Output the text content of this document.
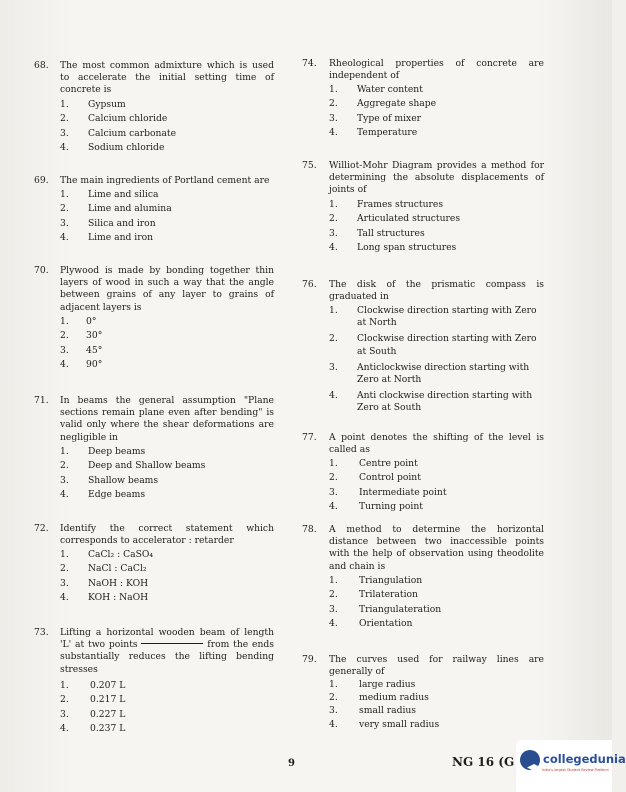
68.	The most common admixture which is used to accelerate the initial setting time of concrete is
1. Gypsum
2. Calcium chloride
3. Calcium carbonate
4. Sodium chloride
69.	The main ingredients of Portland cement are
1. Lime and silica
2. Lime and alumina
3. Silica and iron
4. Lime and iron
70.	Plywood is made by bonding together thin layers of wood in such a way that the angle between grains of any layer to grains of adjacent layers is
1. 0°
2. 30°
3. 45°
4. 90°
71.	In beams the general assumption "Plane sections remain plane even after bending" is valid only where the shear deformations are negligible in
1. Deep beams
2. Deep and Shallow beams
3. Shallow beams
4. Edge beams
72.	Identify the correct statement which corresponds to accelerator : retarder
1. CaCl₂ : CaSO₄
2. NaCl : CaCl₂
3. NaOH : KOH
4. KOH : NaOH
73.	Lifting a horizontal wooden beam of length 'L' at two points	from the ends substantially reduces the lifting bending stresses
1. 0.207 L
2. 0.217 L
3. 0.227 L
4. 0.237 L
74.	Rheological properties of concrete are independent of
1. Water content
2. Aggregate shape
3. Type of mixer
4. Temperature
75.	Williot-Mohr Diagram provides a method for determining the absolute displacements of joints of
1. Frames structures
2. Articulated structures
3. Tall structures
4. Long span structures
76.	The disk of the prismatic compass is graduated in
1. Clockwise direction starting with Zero at North
2. Clockwise direction starting with Zero at South
3. Anticlockwise direction starting with Zero at North
4. Anti clockwise direction starting with Zero at South
77.	A point denotes the shifting of the level is called as
1. Centre point
2. Control point
3. Intermediate point
4. Turning point
78.	A method to determine the horizontal distance between two inaccessible points with the help of observation using theodolite and chain is
1. Triangulation
2. Trilateration
3. Triangulateration
4. Orientation
79.	The curves used for railway lines are generally of
1. large radius
2. medium radius
3. small radius
4. very small radius
9	NG 16 (G	collegedunia
India's largest Student Review Platform
